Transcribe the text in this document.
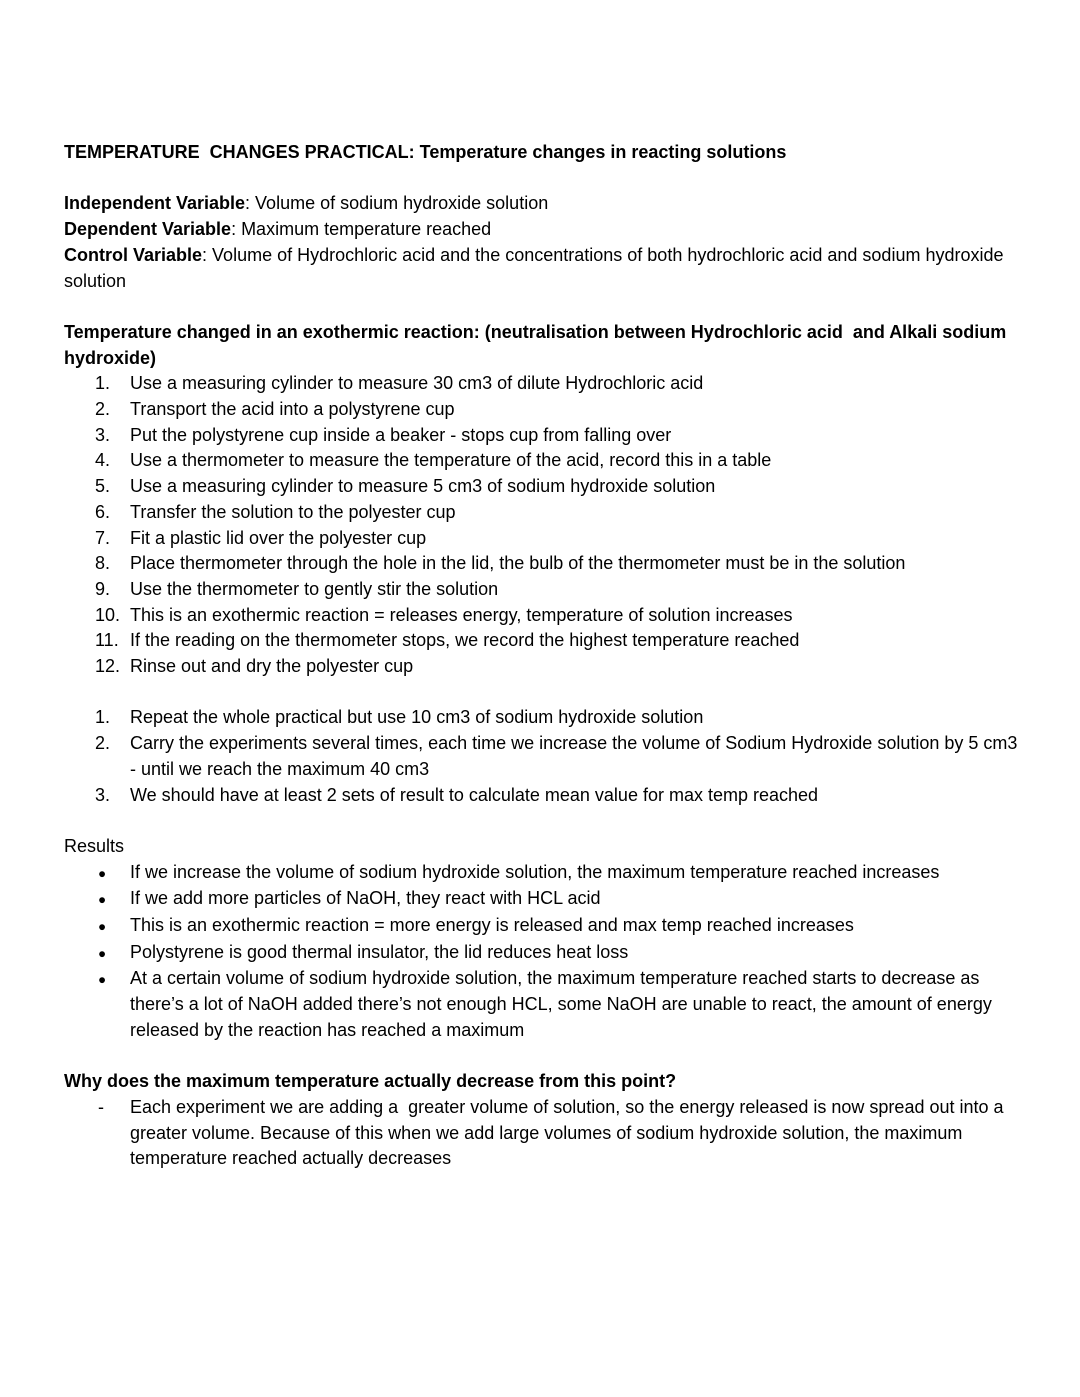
TEMPERATURE  CHANGES PRACTICAL: Temperature changes in reacting solutions
Independent Variable: Volume of sodium hydroxide solution
Dependent Variable: Maximum temperature reached
Control Variable: Volume of Hydrochloric acid and the concentrations of both hydrochloric acid and sodium hydroxide solution
Temperature changed in an exothermic reaction: (neutralisation between Hydrochloric acid  and Alkali sodium hydroxide)
Use a measuring cylinder to measure 30 cm3 of dilute Hydrochloric acid
Transport the acid into a polystyrene cup
Put the polystyrene cup inside a beaker - stops cup from falling over
Use a thermometer to measure the temperature of the acid, record this in a table
Use a measuring cylinder to measure 5 cm3 of sodium hydroxide solution
Transfer the solution to the polyester cup
Fit a plastic lid over the polyester cup
Place thermometer through the hole in the lid, the bulb of the thermometer must be in the solution
Use the thermometer to gently stir the solution
This is an exothermic reaction = releases energy, temperature of solution increases
If the reading on the thermometer stops, we record the highest temperature reached
Rinse out and dry the polyester cup
Repeat the whole practical but use 10 cm3 of sodium hydroxide solution
Carry the experiments several times, each time we increase the volume of Sodium Hydroxide solution by 5 cm3 - until we reach the maximum 40 cm3
We should have at least 2 sets of result to calculate mean value for max temp reached
Results
●
If we increase the volume of sodium hydroxide solution, the maximum temperature reached increases
●
If we add more particles of NaOH, they react with HCL acid
●
This is an exothermic reaction = more energy is released and max temp reached increases
●
Polystyrene is good thermal insulator, the lid reduces heat loss
●
At a certain volume of sodium hydroxide solution, the maximum temperature reached starts to decrease as there’s a lot of NaOH added there’s not enough HCL, some NaOH are unable to react, the amount of energy released by the reaction has reached a maximum
Why does the maximum temperature actually decrease from this point?
-
Each experiment we are adding a  greater volume of solution, so the energy released is now spread out into a greater volume. Because of this when we add large volumes of sodium hydroxide solution, the maximum temperature reached actually decreases
